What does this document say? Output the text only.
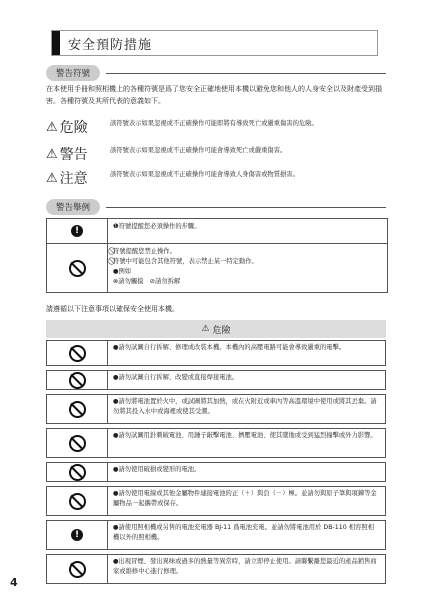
安全預防措施
警告符號
在本使用手冊和照相機上的各種符號是爲了您安全正確地使用本機以避免您和他人的人身安全以及財產受到損害。各種符號及其所代表的意義如下。
⚠ 危險	該符號表示如果忽視或不正確操作可能即將有導致死亡或嚴重傷害的危險。
⚠ 警告	該符號表示如果忽視或不正確操作可能會導致死亡或嚴重傷害。
⚠ 注意	該符號表示如果忽視或不正確操作可能會導致人身傷害或物質損害。
警告舉例
!	❶符號提醒您必須操作的步驟。
符號提醒您禁止操作。
符號中可能包含其他符號，表示禁止某一特定動作。
●例如
⊗請勿觸摸　⊘請勿拆解
請遵循以下注意事項以確保安全使用本機。
⚠
危險
●請勿試圖自行拆解、修理或改裝本機。本機內的高壓電路可能會導致嚴重的電擊。
●請勿試圖自行拆解、改變或直接焊接電池。
●請勿將電池置於火中，或試圖將其加熱，或在火附近或車內等高溫環境中使用或將其丟棄。請勿將其投入水中或海裡或使其受潮。
●請勿試圖用針刺破電池、用錘子敲擊電池、擠壓電池、使其墜地或受到猛烈撞擊或外力影響。
●請勿使用破損或變形的電池。
●請勿使用電線或其他金屬物件連接電池的正（＋）與負（－）極。並請勿與原子筆與項鍊等金屬物品一起攜帶或保存。
!
●請使用照相機或另售的電池充電器 BJ-11 爲電池充電。並請勿將電池用於 DB-110 相容照相機以外的照相機。
●出現冒煙、發出異味或過多的熱量等異常時，請立即停止使用。請聯繫離您最近的產品銷售商家或維修中心進行修理。
4
